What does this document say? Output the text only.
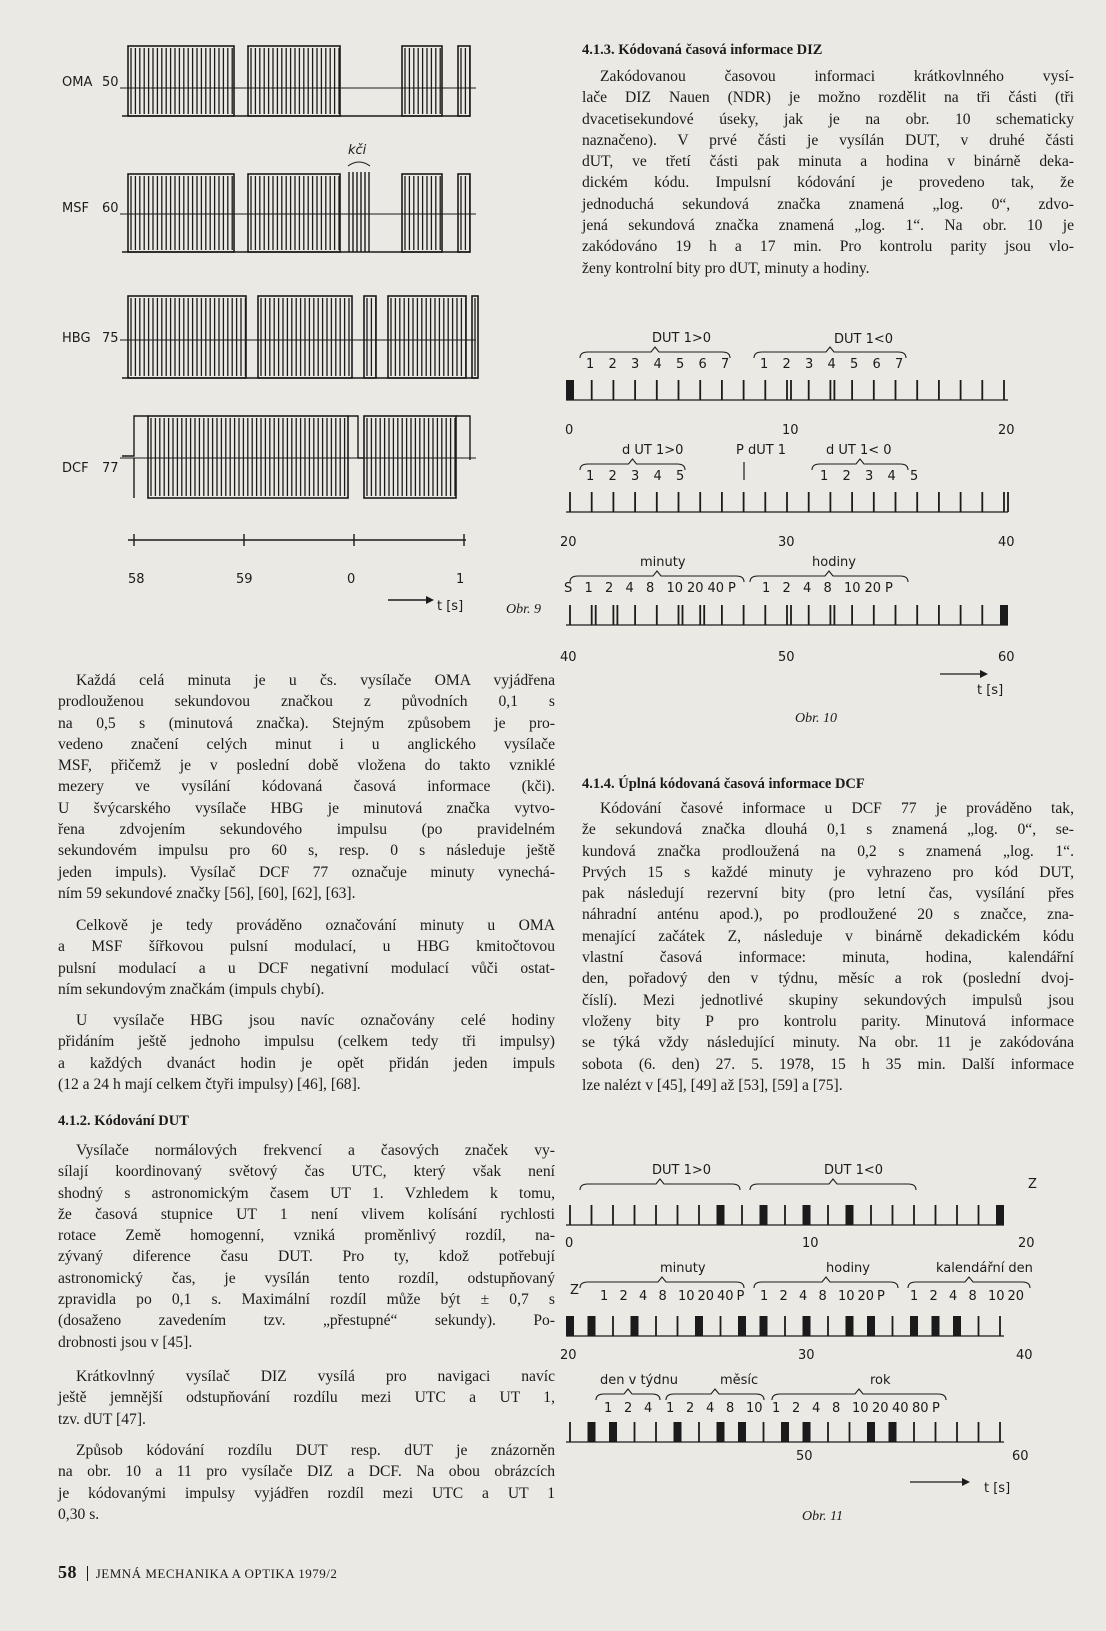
OMA 50
MSF 60
HBG 75
DCF 77
kči
58	59	0	1
t [s]	Obr. 9
1 2 3 4 5 6 7 1 2 3 4 5 6 7
1 2 3 4 5	1 2 3 4 5
S 1 2 4 8 10 20 40 P 1 2 4 8 10 20 P
DUT 1>0	DUT 1<0
0	10	20
d UT 1>0	P dUT 1	d UT 1< 0
20	30	40
minuty	hodiny
40	50	60
t [s]
Obr. 10
1 2 4 8 10 20 40 P 1 2 4 8 10 20 P 1 2 4 8 10 20
1 2 4 1 2 4 8 10 1 2 4 8 10 20 40 80 P
DUT 1>0	DUT 1<0
Z
0	10	20
minuty	hodiny	kalendářní den
Z
20	30	40
den v týdnu	měsíc	rok
50	60
t [s]
Obr. 11
Každá celá minuta je u čs. vysílače OMA vyjádřena
prodlouženou sekundovou značkou z původních 0,1 s
na 0,5 s (minutová značka). Stejným způsobem je pro-
vedeno značení celých minut i u anglického vysílače
MSF, přičemž je v poslední době vložena do takto vzniklé
mezery ve vysílání kódovaná časová informace (kči).
U švýcarského vysílače HBG je minutová značka vytvo-
řena zdvojením sekundového impulsu (po pravidelném
sekundovém impulsu pro 60 s, resp. 0 s následuje ještě
jeden impuls). Vysílač DCF 77 označuje minuty vynechá-
ním 59 sekundové značky [56], [60], [62], [63].
Celkově je tedy prováděno označování minuty u OMA
a MSF šířkovou pulsní modulací, u HBG kmitočtovou
pulsní modulací a u DCF negativní modulací vůči ostat-
ním sekundovým značkám (impuls chybí).
U vysílače HBG jsou navíc označovány celé hodiny
přidáním ještě jednoho impulsu (celkem tedy tři impulsy)
a každých dvanáct hodin je opět přidán jeden impuls
(12 a 24 h mají celkem čtyři impulsy) [46], [68].
4.1.2. Kódování DUT
Vysílače normálových frekvencí a časových značek vy-
sílají koordinovaný světový čas UTC, který však není
shodný s astronomickým časem UT 1. Vzhledem k tomu,
že časová stupnice UT 1 není vlivem kolísání rychlosti
rotace Země homogenní, vzniká proměnlivý rozdíl, na-
zývaný diference času DUT. Pro ty, kdož potřebují
astronomický čas, je vysílán tento rozdíl, odstupňovaný
zpravidla po 0,1 s. Maximální rozdíl může být ± 0,7 s
(dosaženo zavedením tzv. „přestupné“ sekundy). Po-
drobnosti jsou v [45].
Krátkovlnný vysílač DIZ vysílá pro navigaci navíc
ještě jemnější odstupňování rozdílu mezi UTC a UT 1,
tzv. dUT [47].
Způsob kódování rozdílu DUT resp. dUT je znázorněn
na obr. 10 a 11 pro vysílače DIZ a DCF. Na obou obrázcích
je kódovanými impulsy vyjádřen rozdíl mezi UTC a UT 1
0,30 s.
4.1.3. Kódovaná časová informace DIZ
Zakódovanou časovou informaci krátkovlnného vysí-
lače DIZ Nauen (NDR) je možno rozdělit na tři části (tři
dvacetisekundové úseky, jak je na obr. 10 schematicky
naznačeno). V prvé části je vysílán DUT, v druhé části
dUT, ve třetí části pak minuta a hodina v binárně deka-
dickém kódu. Impulsní kódování je provedeno tak, že
jednoduchá sekundová značka znamená „log. 0“, zdvo-
jená sekundová značka znamená „log. 1“. Na obr. 10 je
zakódováno 19 h a 17 min. Pro kontrolu parity jsou vlo-
ženy kontrolní bity pro dUT, minuty a hodiny.
4.1.4. Úplná kódovaná časová informace DCF
Kódování časové informace u DCF 77 je prováděno tak,
že sekundová značka dlouhá 0,1 s znamená „log. 0“, se-
kundová značka prodloužená na 0,2 s znamená „log. 1“.
Prvých 15 s každé minuty je vyhrazeno pro kód DUT,
pak následují rezervní bity (pro letní čas, vysílání přes
náhradní anténu apod.), po prodloužené 20 s značce, zna-
menající začátek Z, následuje v binárně dekadickém kódu
vlastní časová informace: minuta, hodina, kalendářní
den, pořadový den v týdnu, měsíc a rok (poslední dvoj-
číslí). Mezi jednotlivé skupiny sekundových impulsů jsou
vloženy bity P pro kontrolu parity. Minutová informace
se týká vždy následující minuty. Na obr. 11 je zakódována
sobota (6. den) 27. 5. 1978, 15 h 35 min. Další informace
lze nalézt v [45], [49] až [53], [59] a [75].
58 JEMNÁ MECHANIKA A OPTIKA 1979/2
